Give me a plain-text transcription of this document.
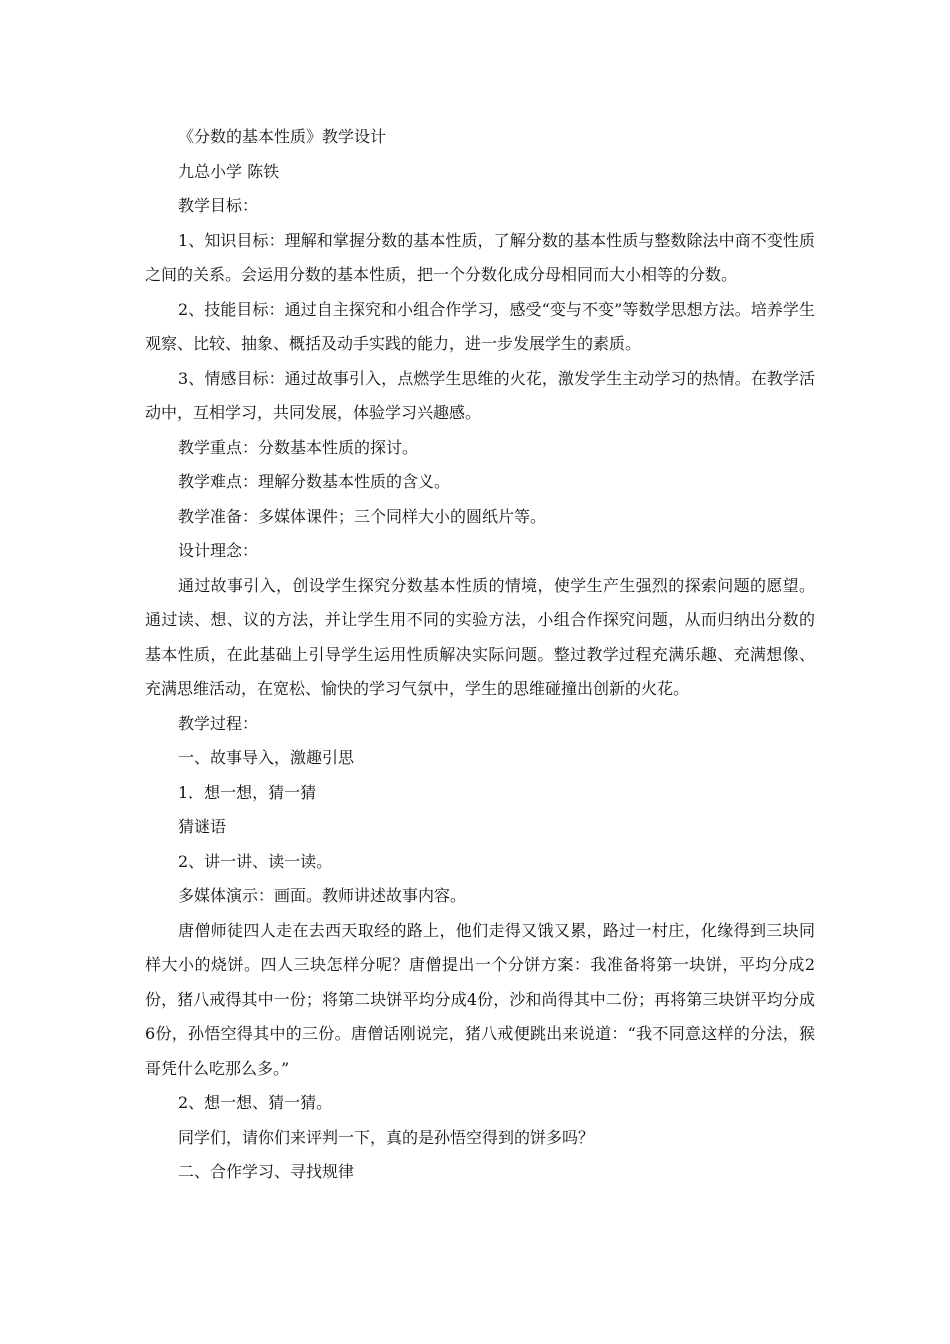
《分数的基本性质》教学设计

九总小学 陈铁

教学目标：

1、知识目标：理解和掌握分数的基本性质，了解分数的基本性质与整数除法中商不变性质之间的关系。会运用分数的基本性质，把一个分数化成分母相同而大小相等的分数。

2、技能目标：通过自主探究和小组合作学习，感受“变与不变”等数学思想方法。培养学生观察、比较、抽象、概括及动手实践的能力，进一步发展学生的素质。

3、情感目标：通过故事引入，点燃学生思维的火花，激发学生主动学习的热情。在教学活动中，互相学习，共同发展，体验学习兴趣感。

教学重点：分数基本性质的探讨。

教学难点：理解分数基本性质的含义。

教学准备：多媒体课件；三个同样大小的圆纸片等。

设计理念：

通过故事引入，创设学生探究分数基本性质的情境，使学生产生强烈的探索问题的愿望。通过读、想、议的方法，并让学生用不同的实验方法，小组合作探究问题，从而归纳出分数的基本性质，在此基础上引导学生运用性质解决实际问题。整过教学过程充满乐趣、充满想像、充满思维活动，在宽松、愉快的学习气氛中，学生的思维碰撞出创新的火花。

教学过程：

一、故事导入，激趣引思

1．想一想，猜一猜

猜谜语

2、讲一讲、读一读。

多媒体演示：画面。教师讲述故事内容。

唐僧师徒四人走在去西天取经的路上，他们走得又饿又累，路过一村庄，化缘得到三块同样大小的烧饼。四人三块怎样分呢？唐僧提出一个分饼方案：我准备将第一块饼，平均分成2份，猪八戒得其中一份；将第二块饼平均分成4份，沙和尚得其中二份；再将第三块饼平均分成6份，孙悟空得其中的三份。唐僧话刚说完，猪八戒便跳出来说道：“我不同意这样的分法，猴哥凭什么吃那么多。”

2、想一想、猜一猜。

同学们，请你们来评判一下，真的是孙悟空得到的饼多吗？

二、合作学习、寻找规律
